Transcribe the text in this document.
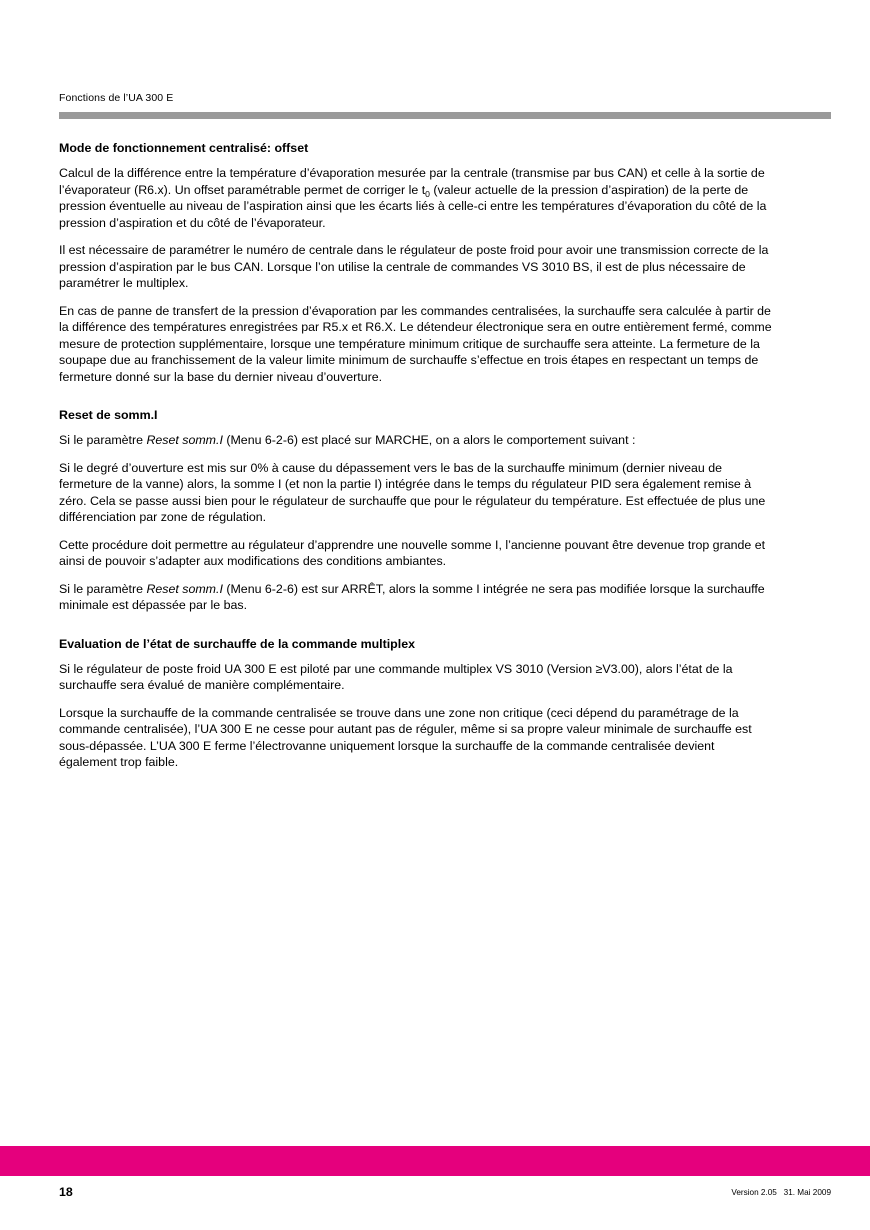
Fonctions de l’UA 300 E
Mode de fonctionnement centralisé: offset

Calcul de la différence entre la température d’évaporation mesurée par la centrale (transmise par bus CAN) et celle à la sortie de l’évaporateur (R6.x). Un offset paramétrable permet de corriger le $t_0$ (valeur actuelle de la pression d’aspiration) de la perte de pression éventuelle au niveau de l’aspiration ainsi que les écarts liés à celle-ci entre les températures d’évaporation du côté de la pression d’aspiration et du côté de l’évaporateur.

Il est nécessaire de paramétrer le numéro de centrale dans le régulateur de poste froid pour avoir une transmission correcte de la pression d’aspiration par le bus CAN. Lorsque l’on utilise la centrale de commandes VS 3010 BS, il est de plus nécessaire de paramétrer le multiplex.

En cas de panne de transfert de la pression d’évaporation par les commandes centralisées, la surchauffe sera calculée à partir de la différence des températures enregistrées par R5.x et R6.X. Le détendeur électronique sera en outre entièrement fermé, comme mesure de protection supplémentaire, lorsque une température minimum critique de surchauffe sera atteinte. La fermeture de la soupape due au franchissement de la valeur limite minimum de surchauffe s’effectue en trois étapes en respectant un temps de fermeture donné sur la base du dernier niveau d’ouverture.

Reset de somm.I

Si le paramètre Reset somm.I (Menu 6-2-6) est placé sur MARCHE, on a alors le comportement suivant :

Si le degré d’ouverture est mis sur 0% à cause du dépassement vers le bas de la surchauffe minimum (dernier niveau de fermeture de la vanne) alors, la somme I (et non la partie I) intégrée dans le temps du régulateur PID sera également remise à zéro. Cela se passe aussi bien pour le régulateur de surchauffe que pour le régulateur du température. Est effectuée de plus une différenciation par zone de régulation.

Cette procédure doit permettre au régulateur d’apprendre une nouvelle somme I, l’ancienne pouvant être devenue trop grande et ainsi de pouvoir s’adapter aux modifications des conditions ambiantes.

Si le paramètre Reset somm.I (Menu 6-2-6) est sur ARRÊT, alors la somme I intégrée ne sera pas modifiée lorsque la surchauffe minimale est dépassée par le bas.

Evaluation de l’état de surchauffe de la commande multiplex

Si le régulateur de poste froid UA 300 E est piloté par une commande multiplex VS 3010 (Version ≥V3.00), alors l’état de la surchauffe sera évalué de manière complémentaire.

Lorsque la surchauffe de la commande centralisée se trouve dans une zone non critique (ceci dépend du paramétrage de la commande centralisée), l’UA 300 E ne cesse pour autant pas de réguler, même si sa propre valeur minimale de surchauffe est sous-dépassée. L’UA 300 E ferme l’électrovanne uniquement lorsque la surchauffe de la commande centralisée devient également trop faible.

18	Version 2.05   31. Mai 2009
